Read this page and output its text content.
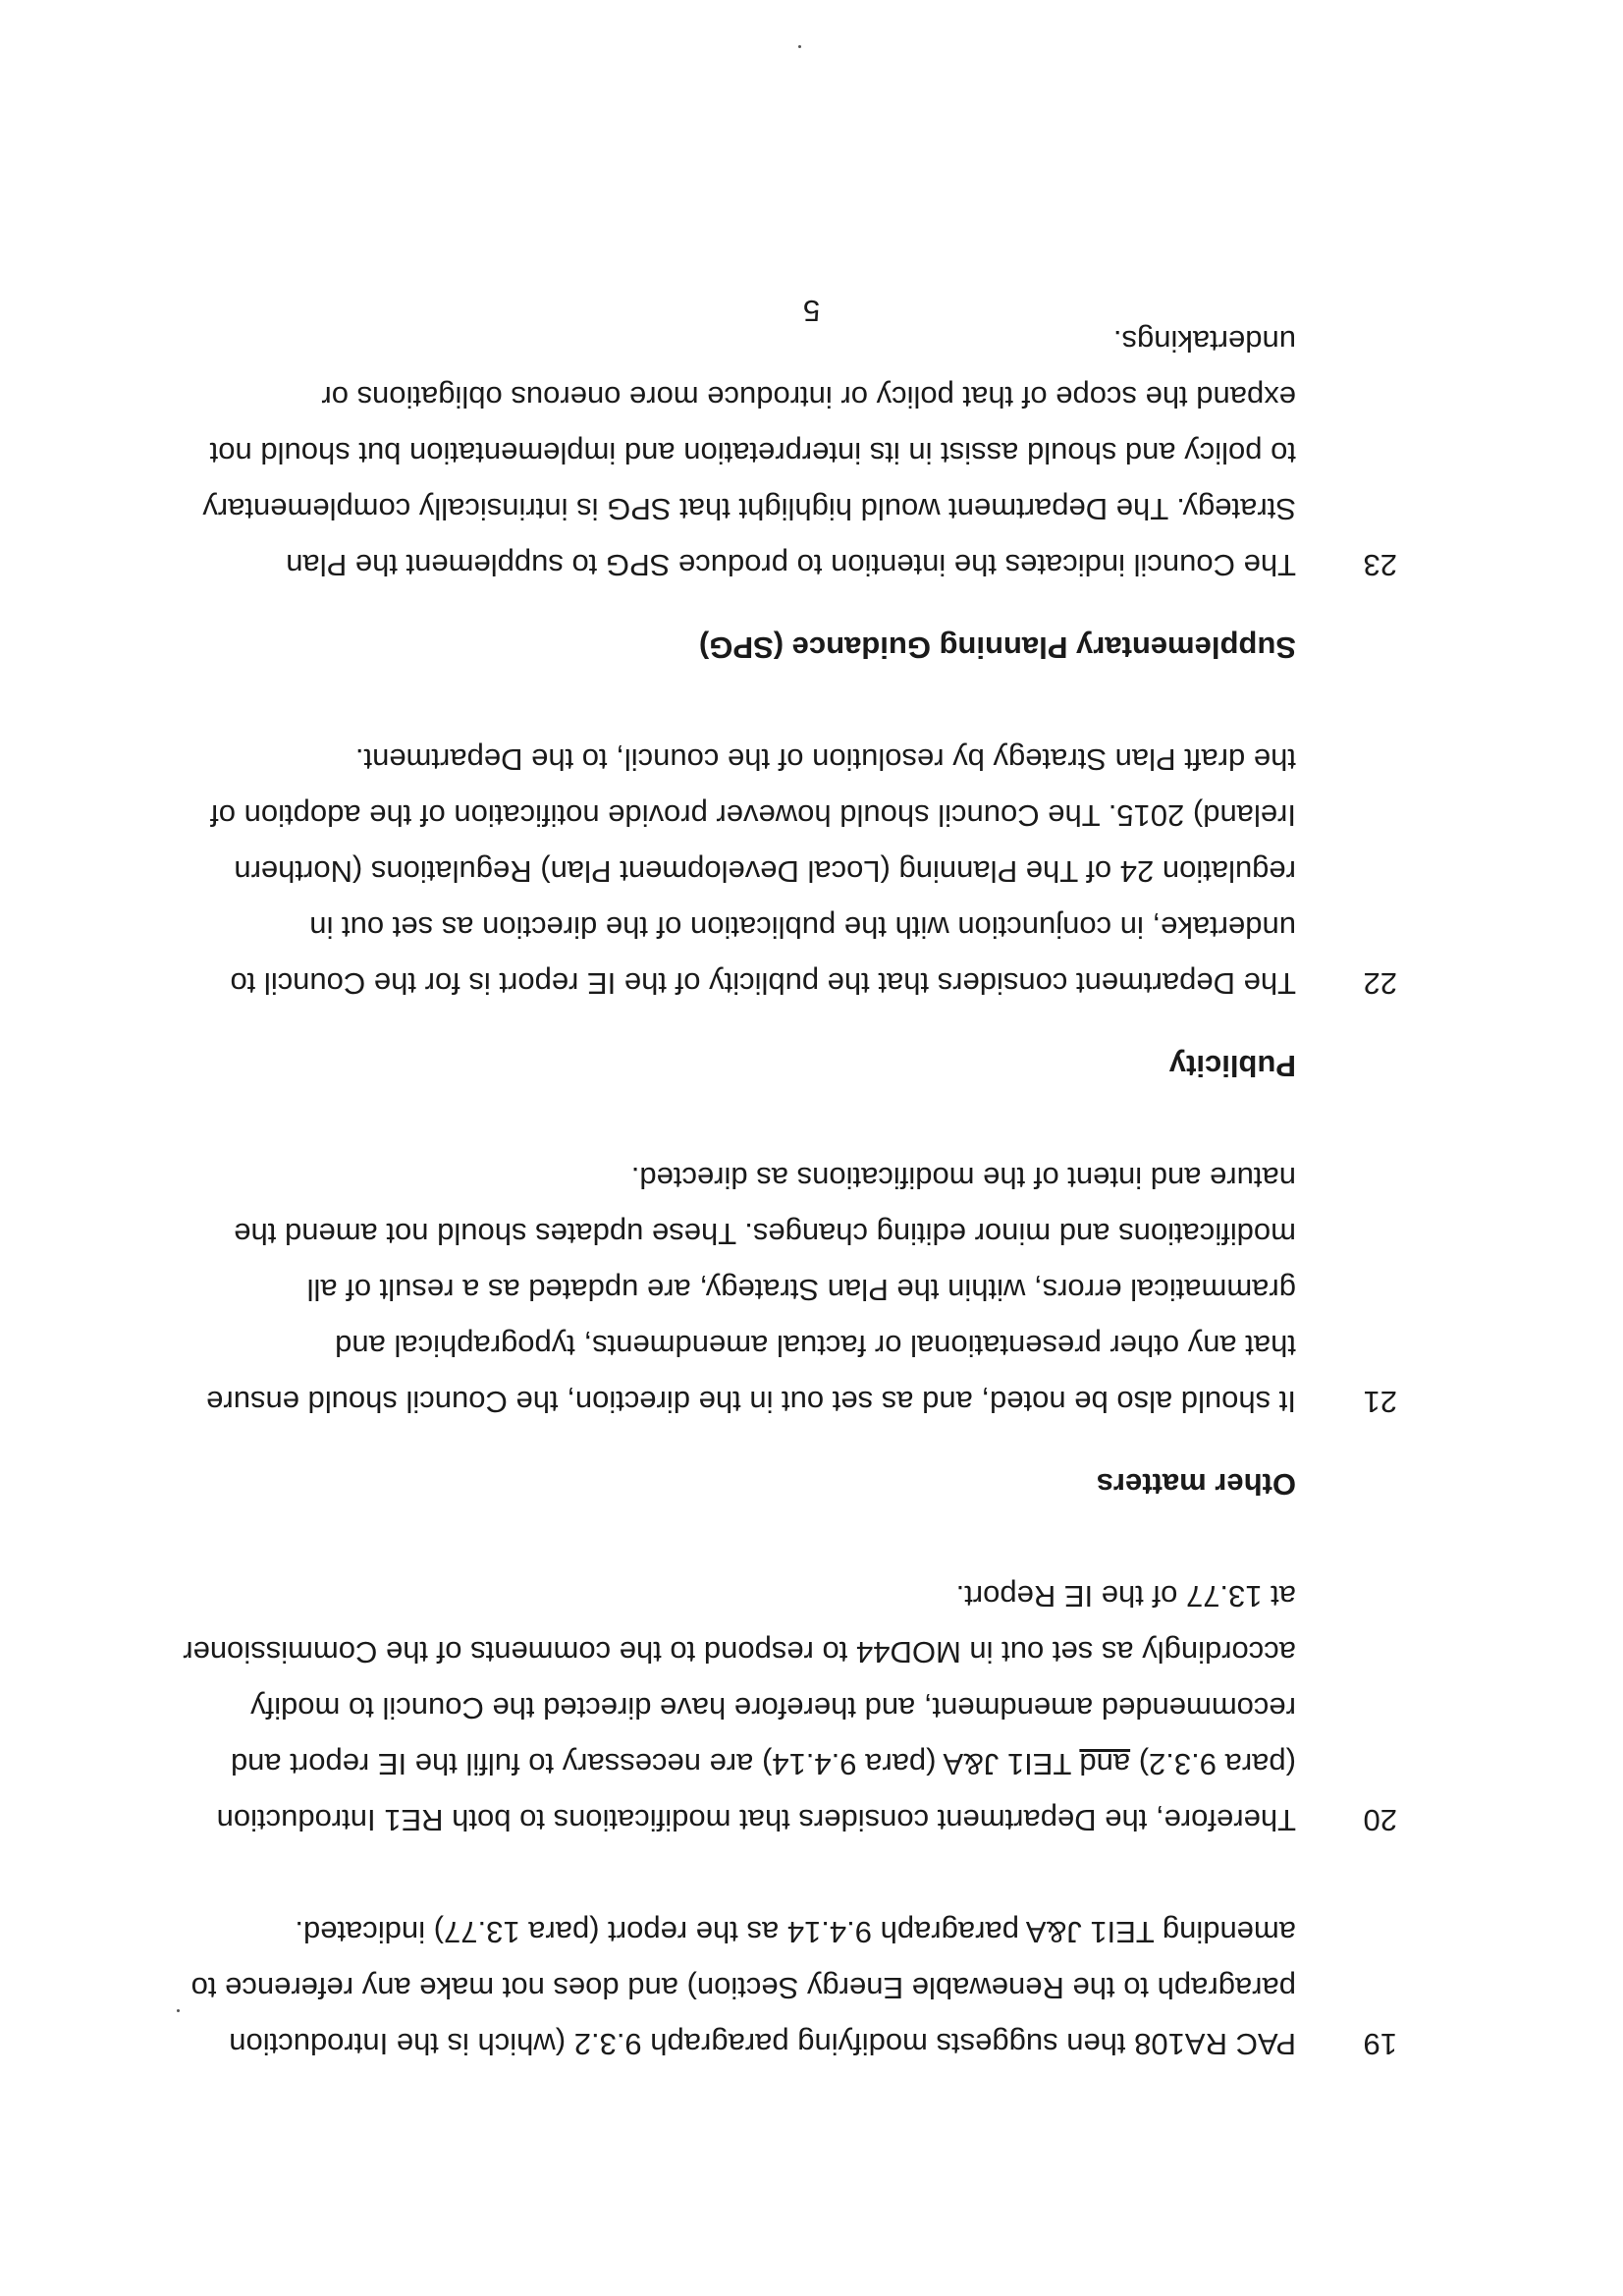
19
PAC RA108 then suggests modifying paragraph 9.3.2 (which is the Introduction
paragraph to the Renewable Energy Section) and does not make any reference to
amending TEI1 J&A paragraph 9.4.14 as the report (para 13.77) indicated.
20
Therefore, the Department considers that modifications to both RE1 Introduction
(para 9.3.2) and TEI1 J&A (para 9.4.14) are necessary to fulfil the IE report and
recommended amendment, and therefore have directed the Council to modify
accordingly as set out in MOD44 to respond to the comments of the Commissioner
at 13.77 of the IE Report.
Other matters
21
It should also be noted, and as set out in the direction, the Council should ensure
that any other presentational or factual amendments, typographical and
grammatical errors, within the Plan Strategy, are updated as a result of all
modifications and minor editing changes. These updates should not amend the
nature and intent of the modifications as directed.
Publicity
22
The Department considers that the publicity of the IE report is for the Council to
undertake, in conjunction with the publication of the direction as set out in
regulation 24 of The Planning (Local Development Plan) Regulations (Northern
Ireland) 2015. The Council should however provide notification of the adoption of
the draft Plan Strategy by resolution of the council, to the Department.
Supplementary Planning Guidance (SPG)
23
The Council indicates the intention to produce SPG to supplement the Plan
Strategy. The Department would highlight that SPG is intrinsically complementary
to policy and should assist in its interpretation and implementation but should not
expand the scope of that policy or introduce more onerous obligations or
undertakings.
5
